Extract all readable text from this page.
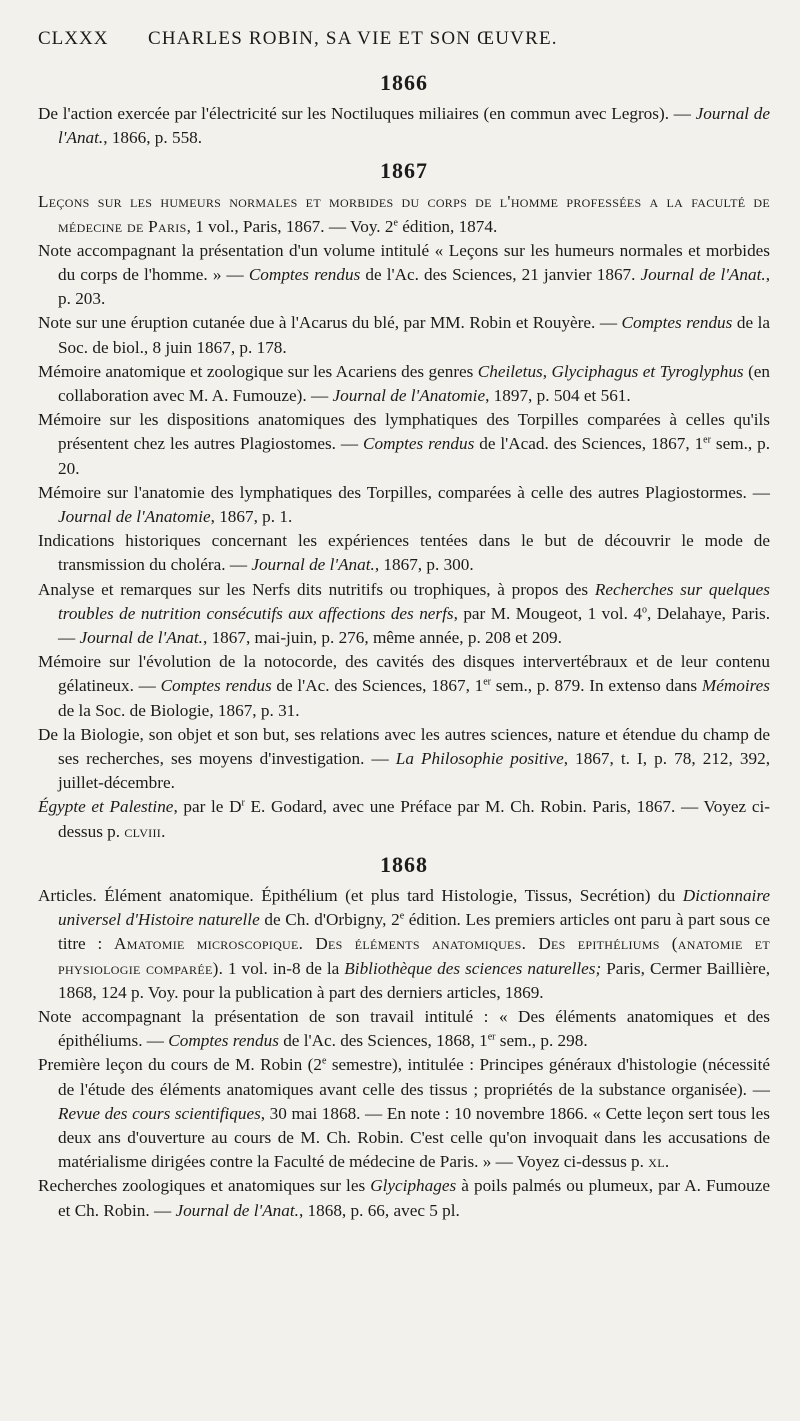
CLXXX	CHARLES ROBIN, SA VIE ET SON ŒUVRE.
1866

De l'action exercée par l'électricité sur les Noctiluques miliaires (en commun avec Legros). — Journal de l'Anat., 1866, p. 558.

1867

Leçons sur les humeurs normales et morbides du corps de l'homme professées a la faculté de médecine de Paris, 1 vol., Paris, 1867. — Voy. 2e édition, 1874.

Note accompagnant la présentation d'un volume intitulé « Leçons sur les humeurs normales et morbides du corps de l'homme. » — Comptes rendus de l'Ac. des Sciences, 21 janvier 1867. Journal de l'Anat., p. 203.

Note sur une éruption cutanée due à l'Acarus du blé, par MM. Robin et Rouyère. — Comptes rendus de la Soc. de biol., 8 juin 1867, p. 178.

Mémoire anatomique et zoologique sur les Acariens des genres Cheiletus, Glyciphagus et Tyroglyphus (en collaboration avec M. A. Fumouze). — Journal de l'Anatomie, 1897, p. 504 et 561.

Mémoire sur les dispositions anatomiques des lymphatiques des Torpilles comparées à celles qu'ils présentent chez les autres Plagiostomes. — Comptes rendus de l'Acad. des Sciences, 1867, 1er sem., p. 20.

Mémoire sur l'anatomie des lymphatiques des Torpilles, comparées à celle des autres Plagiostormes. — Journal de l'Anatomie, 1867, p. 1.

Indications historiques concernant les expériences tentées dans le but de découvrir le mode de transmission du choléra. — Journal de l'Anat., 1867, p. 300.

Analyse et remarques sur les Nerfs dits nutritifs ou trophiques, à propos des Recherches sur quelques troubles de nutrition consécutifs aux affections des nerfs, par M. Mougeot, 1 vol. 4$^o$, Delahaye, Paris. — Journal de l'Anat., 1867, mai-juin, p. 276, même année, p. 208 et 209.

Mémoire sur l'évolution de la notocorde, des cavités des disques intervertébraux et de leur contenu gélatineux. — Comptes rendus de l'Ac. des Sciences, 1867, 1er sem., p. 879. In extenso dans Mémoires de la Soc. de Biologie, 1867, p. 31.

De la Biologie, son objet et son but, ses relations avec les autres sciences, nature et étendue du champ de ses recherches, ses moyens d'investigation. — La Philosophie positive, 1867, t. I, p. 78, 212, 392, juillet-décembre.

Égypte et Palestine, par le $D^r$ E. Godard, avec une Préface par M. Ch. Robin. Paris, 1867. — Voyez ci-dessus p. clviii.

1868

Articles. Élément anatomique. Épithélium (et plus tard Histologie, Tissus, Secrétion) du Dictionnaire universel d'Histoire naturelle de Ch. d'Orbigny, 2e édition. Les premiers articles ont paru à part sous ce titre : Amatomie microscopique. Des éléments anatomiques. Des epithéliums (anatomie et physiologie comparée). 1 vol. in-8 de la Bibliothèque des sciences naturelles; Paris, Cermer Baillière, 1868, 124 p. Voy. pour la publication à part des derniers articles, 1869.

Note accompagnant la présentation de son travail intitulé : « Des éléments anatomiques et des épithéliums. — Comptes rendus de l'Ac. des Sciences, 1868, 1er sem., p. 298.

Première leçon du cours de M. Robin (2e semestre), intitulée : Principes généraux d'histologie (nécessité de l'étude des éléments anatomiques avant celle des tissus ; propriétés de la substance organisée). — Revue des cours scientifiques, 30 mai 1868. — En note : 10 novembre 1866. « Cette leçon sert tous les deux ans d'ouverture au cours de M. Ch. Robin. C'est celle qu'on invoquait dans les accusations de matérialisme dirigées contre la Faculté de médecine de Paris. » — Voyez ci-dessus p. xl.

Recherches zoologiques et anatomiques sur les Glyciphages à poils palmés ou plumeux, par A. Fumouze et Ch. Robin. — Journal de l'Anat., 1868, p. 66, avec 5 pl.
